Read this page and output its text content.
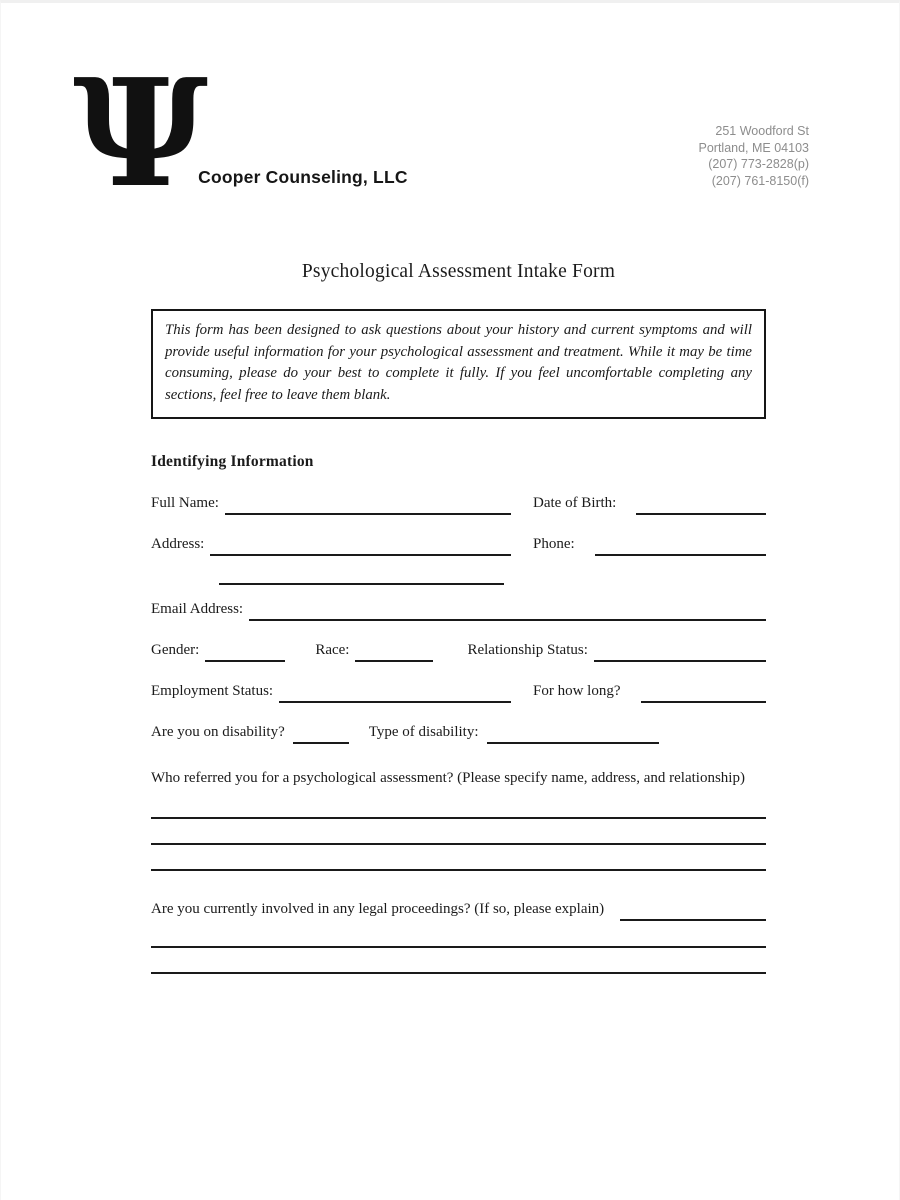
Ψ
Cooper Counseling, LLC
251 Woodford St
Portland, ME 04103
(207) 773-2828(p)
(207) 761-8150(f)
Psychological Assessment Intake Form
This form has been designed to ask questions about your history and current symptoms and will provide useful information for your psychological assessment and treatment. While it may be time consuming, please do your best to complete it fully. If you feel uncomfortable completing any sections, feel free to leave them blank.
Identifying Information
Full Name:	Date of Birth:
Address:	Phone:
Email Address:
Gender:	Race:	Relationship Status:
Employment Status:	For how long?
Are you on disability?	Type of disability:
Who referred you for a psychological assessment? (Please specify name, address, and relationship)
Are you currently involved in any legal proceedings? (If so, please explain)
